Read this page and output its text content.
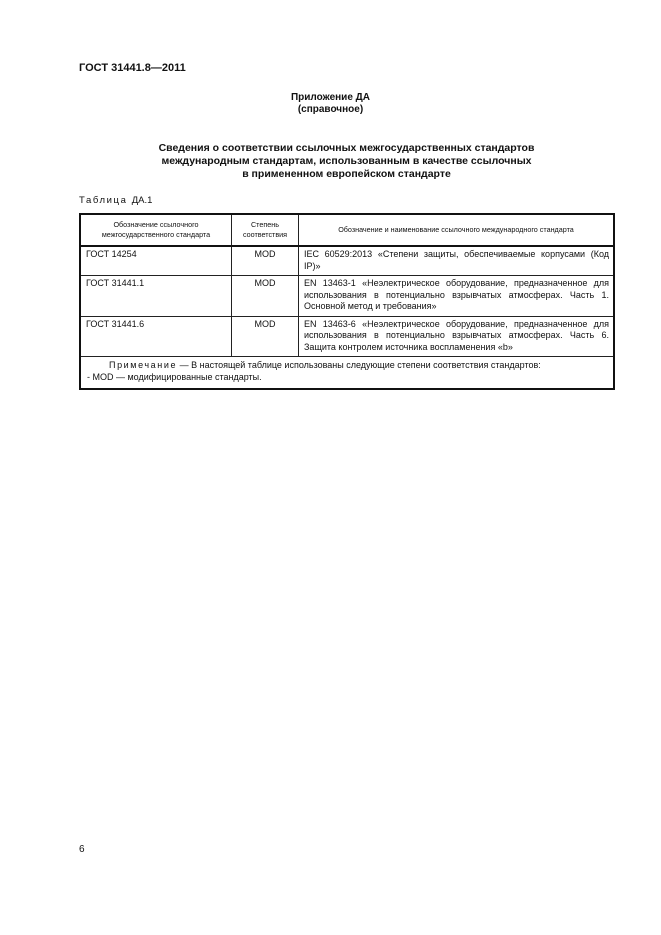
ГОСТ 31441.8—2011
Приложение ДА
(справочное)
Сведения о соответствии ссылочных межгосударственных стандартов
международным стандартам, использованным в качестве ссылочных
в примененном европейском стандарте
Таблица ДА.1
Обозначение ссылочного межгосударственного стандарта	Степень соответствия	Обозначение и наименование ссылочного международного стандарта
ГОСТ 14254	MOD	IEC 60529:2013 «Степени защиты, обеспечиваемые корпусами (Код IP)»
ГОСТ 31441.1	MOD	EN 13463-1 «Неэлектрическое оборудование, предназначенное для использования в потенциально взрывчатых атмосферах. Часть 1. Основной метод и требования»
ГОСТ 31441.6	MOD	EN 13463-6 «Неэлектрическое оборудование, предназначенное для использования в потенциально взрывчатых атмосферах. Часть 6. Защита контролем источника воспламенения «b»

Примечание — В настоящей таблице использованы следующие степени соответствия стандартов:
- MOD — модифицированные стандарты.		
6
